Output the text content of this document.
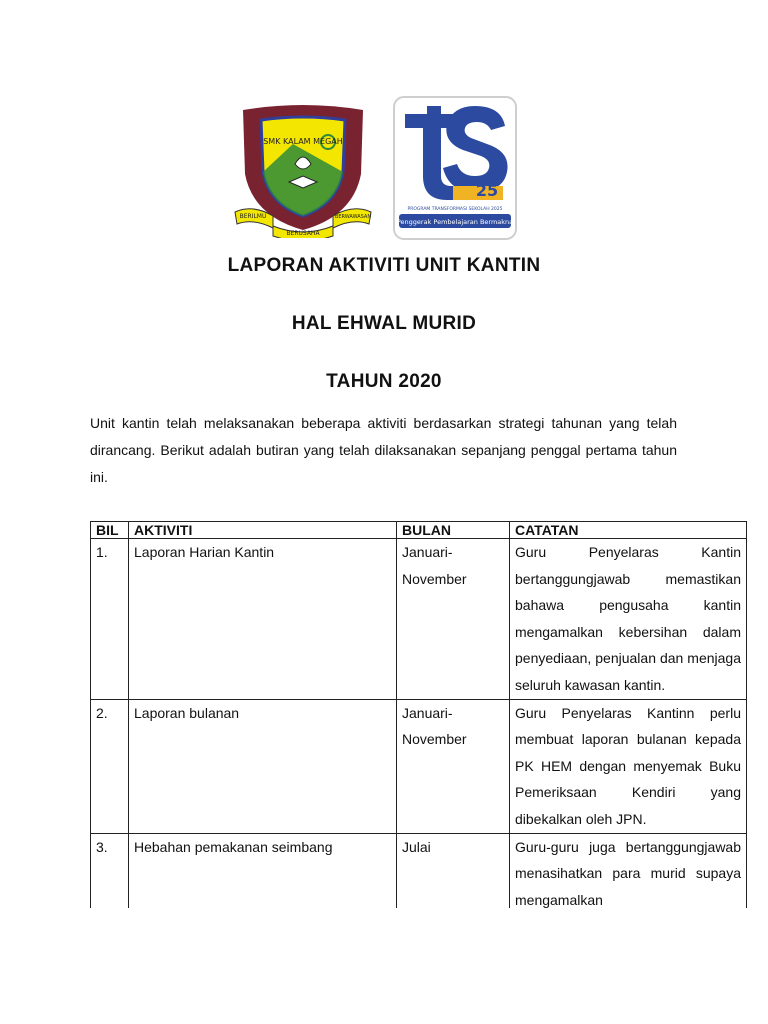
SMK KALAM MEGAH
BERILMU	BERWAWASAN
BERUSAHA
25
PROGRAM TRANSFORMASI SEKOLAH 2025
Penggerak Pembelajaran Bermakna
LAPORAN AKTIVITI UNIT KANTIN
HAL EHWAL MURID
TAHUN 2020

Unit kantin telah melaksanakan beberapa aktiviti berdasarkan strategi tahunan yang telah dirancang. Berikut adalah butiran yang telah dilaksanakan sepanjang penggal pertama tahun ini.

BIL	AKTIVITI	BULAN	CATATAN
1.	Laporan Harian Kantin	Januari-November	Guru Penyelaras Kantin bertanggungjawab memastikan bahawa pengusaha kantin mengamalkan kebersihan dalam penyediaan, penjualan dan menjaga seluruh kawasan kantin.
2.	Laporan bulanan	Januari-November	Guru Penyelaras Kantinn perlu membuat laporan bulanan kepada PK HEM dengan menyemak Buku Pemeriksaan Kendiri yang dibekalkan oleh JPN.
3.	Hebahan pemakanan seimbang	Julai	Guru-guru juga bertanggungjawab menasihatkan para murid supaya mengamalkan
